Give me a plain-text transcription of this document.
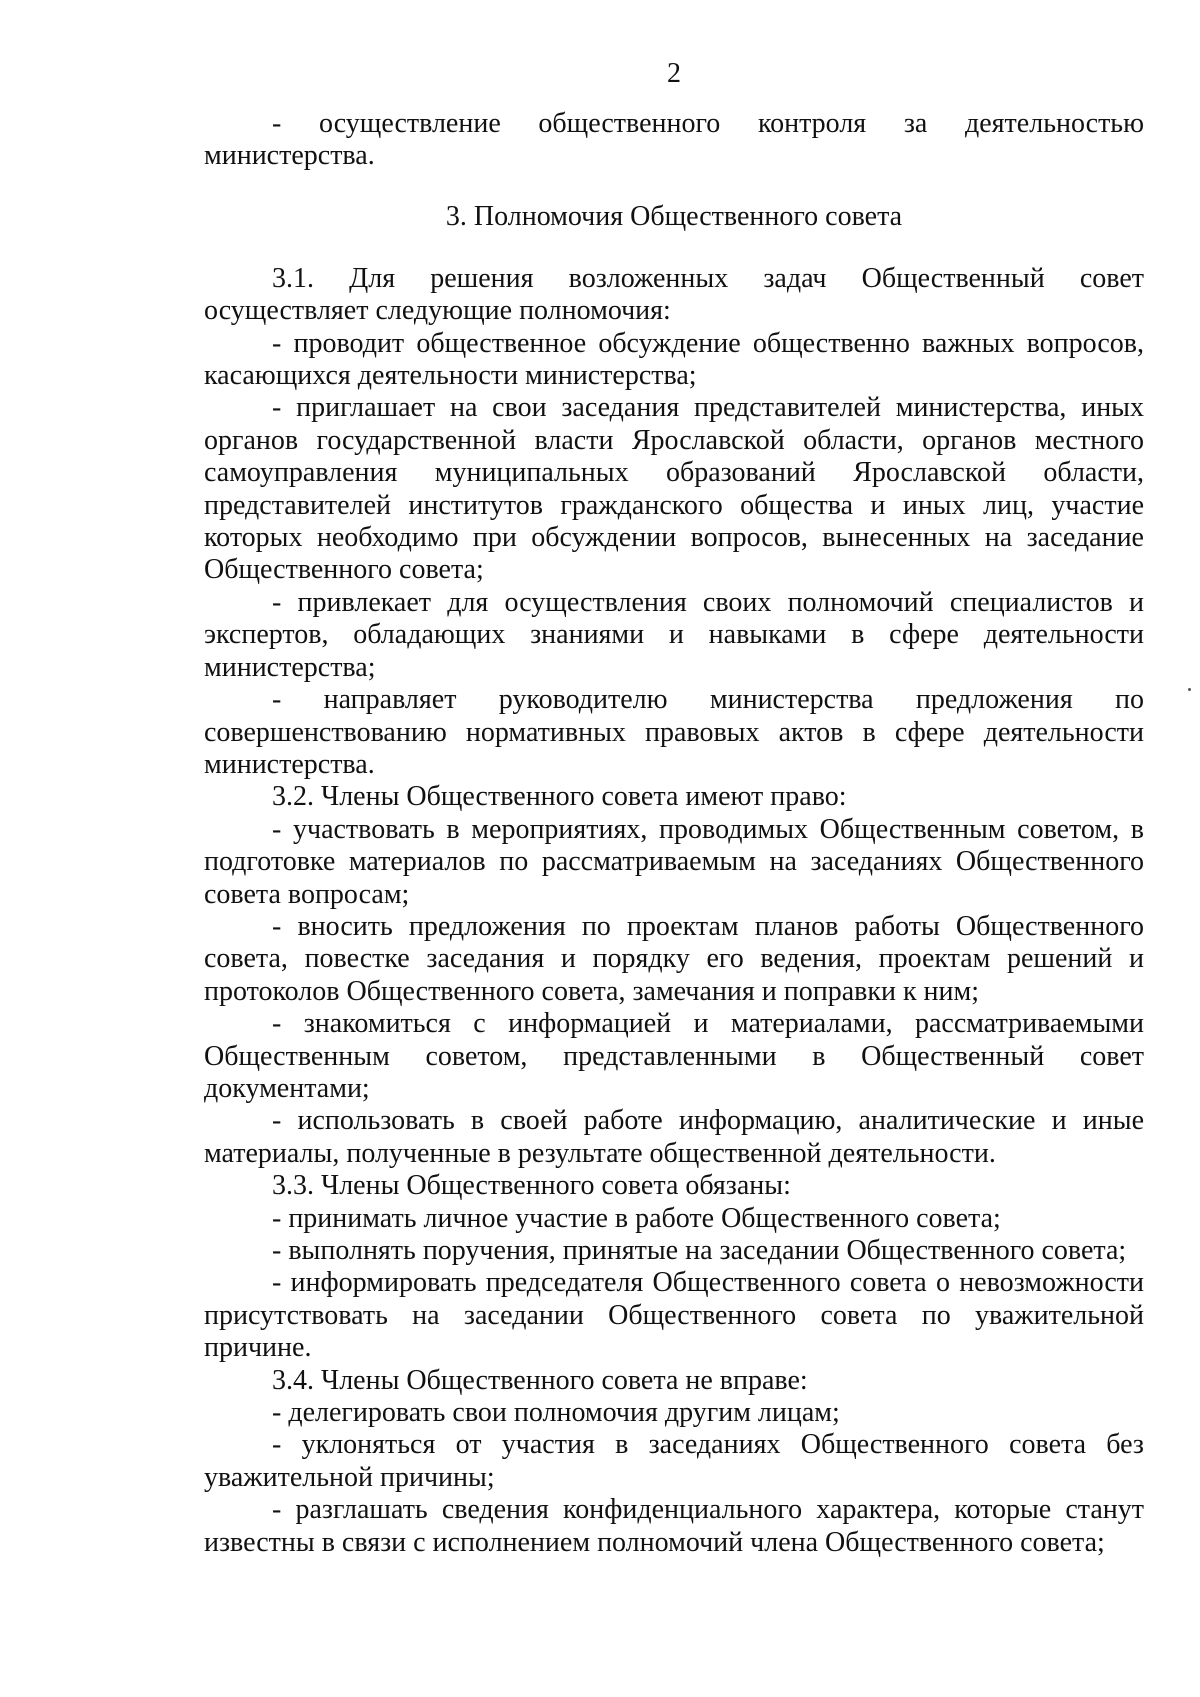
2

- осуществление общественного контроля за деятельностью министерства.

3. Полномочия Общественного совета

3.1. Для решения возложенных задач Общественный совет осуществляет следующие полномочия:

- проводит общественное обсуждение общественно важных вопросов, касающихся деятельности министерства;

- приглашает на свои заседания представителей министерства, иных органов государственной власти Ярославской области, органов местного самоуправления муниципальных образований Ярославской области, представителей институтов гражданского общества и иных лиц, участие которых необходимо при обсуждении вопросов, вынесенных на заседание Общественного совета;

- привлекает для осуществления своих полномочий специалистов и экспертов, обладающих знаниями и навыками в сфере деятельности министерства;

- направляет руководителю министерства предложения по совершенствованию нормативных правовых актов в сфере деятельности министерства.

3.2. Члены Общественного совета имеют право:

- участвовать в мероприятиях, проводимых Общественным советом, в подготовке материалов по рассматриваемым на заседаниях Общественного совета вопросам;

- вносить предложения по проектам планов работы Общественного совета, повестке заседания и порядку его ведения, проектам решений и протоколов Общественного совета, замечания и поправки к ним;

- знакомиться с информацией и материалами, рассматриваемыми Общественным советом, представленными в Общественный совет документами;

- использовать в своей работе информацию, аналитические и иные материалы, полученные в результате общественной деятельности.

3.3. Члены Общественного совета обязаны:

- принимать личное участие в работе Общественного совета;

- выполнять поручения, принятые на заседании Общественного совета;

- информировать председателя Общественного совета о невозможности присутствовать на заседании Общественного совета по уважительной причине.

3.4. Члены Общественного совета не вправе:

- делегировать свои полномочия другим лицам;

- уклоняться от участия в заседаниях Общественного совета без уважительной причины;

- разглашать сведения конфиденциального характера, которые станут известны в связи с исполнением полномочий члена Общественного совета;
